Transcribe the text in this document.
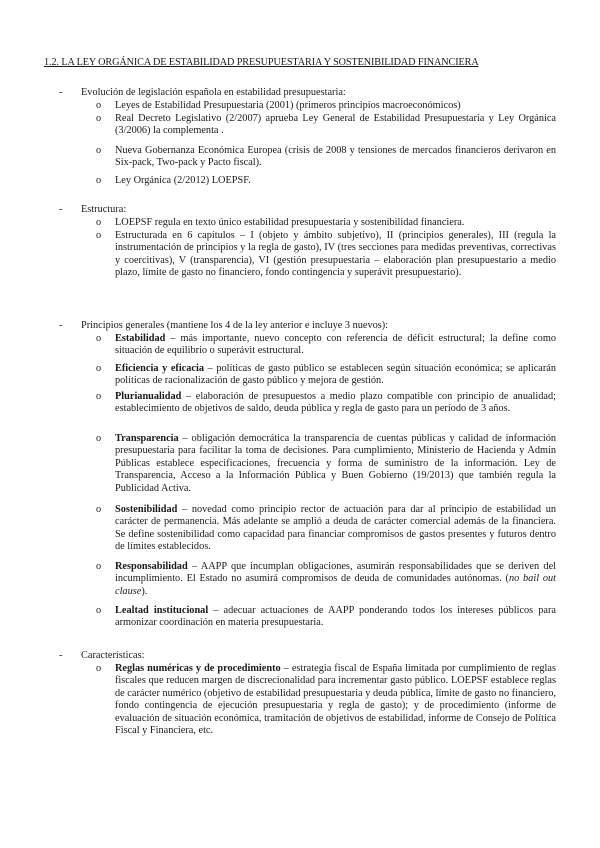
1.2. LA LEY ORGÁNICA DE ESTABILIDAD PRESUPUESTARIA Y SOSTENIBILIDAD FINANCIERA
- Evolución de legislación española en estabilidad presupuestaria:
o Leyes de Estabilidad Presupuestaria (2001) (primeros principios macroeconómicos)
o Real Decreto Legislativo (2/2007) aprueba Ley General de Estabilidad Presupuestaria y Ley Orgánica (3/2006) la complementa .
o Nueva Gobernanza Económica Europea (crisis de 2008 y tensiones de mercados financieros derivaron en Six-pack, Two-pack y Pacto fiscal).
o Ley Orgánica (2/2012) LOEPSF.
- Estructura:
o LOEPSF regula en texto único estabilidad presupuestaria y sostenibilidad financiera.
o Estructurada en 6 capítulos – I (objeto y ámbito subjetivo), II (principios generales), III (regula la instrumentación de principios y la regla de gasto), IV (tres secciones para medidas preventivas, correctivas y coercitivas), V (transparencia), VI (gestión presupuestaria – elaboración plan presupuestario a medio plazo, límite de gasto no financiero, fondo contingencia y superávit presupuestario).
- Principios generales (mantiene los 4 de la ley anterior e incluye 3 nuevos):
o Estabilidad – más importante, nuevo concepto con referencia de déficit estructural; la define como situación de equilibrio o superávit estructural.
o Eficiencia y eficacia – políticas de gasto público se establecen según situación económica; se aplicarán políticas de racionalización de gasto público y mejora de gestión.
o Plurianualidad – elaboración de presupuestos a medio plazo compatible con principio de anualidad; establecimiento de objetivos de saldo, deuda pública y regla de gasto para un período de 3 años.
o Transparencia – obligación democrática la transparencia de cuentas públicas y calidad de información presupuestaria para facilitar la toma de decisiones. Para cumplimiento, Ministerio de Hacienda y Admin Públicas establece especificaciones, frecuencia y forma de suministro de la información. Ley de Transparencia, Acceso a la Información Pública y Buen Gobierno (19/2013) que también regula la Publicidad Activa.
o Sostenibilidad – novedad como principio rector de actuación para dar al principio de estabilidad un carácter de permanencia. Más adelante se amplió a deuda de carácter comercial además de la financiera. Se define sostenibilidad como capacidad para financiar compromisos de gastos presentes y futuros dentro de límites establecidos.
o Responsabilidad – AAPP que incumplan obligaciones, asumirán responsabilidades que se deriven del incumplimiento. El Estado no asumirá compromisos de deuda de comunidades autónomas. (no bail out clause).
o Lealtad institucional – adecuar actuaciones de AAPP ponderando todos los intereses públicos para armonizar coordinación en materia presupuestaria.
- Características:
o Reglas numéricas y de procedimiento – estrategia fiscal de España limitada por cumplimiento de reglas fiscales que reducen margen de discrecionalidad para incrementar gasto público. LOEPSF establece reglas de carácter numérico (objetivo de estabilidad presupuestaria y deuda pública, límite de gasto no financiero, fondo contingencia de ejecución presupuestaria y regla de gasto); y de procedimiento (informe de evaluación de situación económica, tramitación de objetivos de estabilidad, informe de Consejo de Política Fiscal y Financiera, etc.
